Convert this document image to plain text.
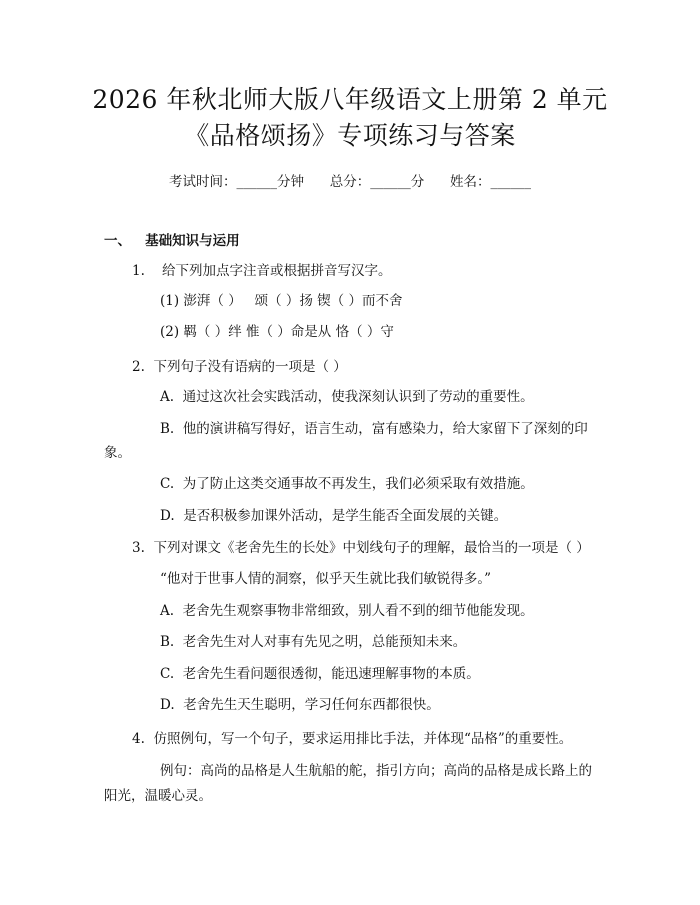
2026 年秋北师大版八年级语文上册第 2 单元
《品格颂扬》专项练习与答案
考试时间：______分钟      总分：______分      姓名：______
一、   基础知识与运用
1.    给下列加点字注音或根据拼音写汉字。
(1) 澎湃（ ）   颂（ ）扬 锲（ ）而不舍
(2) 羁（ ）绊 惟（ ）命是从 恪（ ）守
2.  下列句子没有语病的一项是（ ）
A.  通过这次社会实践活动，使我深刻认识到了劳动的重要性。
B.  他的演讲稿写得好，语言生动，富有感染力，给大家留下了深刻的印
象。
C.  为了防止这类交通事故不再发生，我们必须采取有效措施。
D.  是否积极参加课外活动，是学生能否全面发展的关键。
3.  下列对课文《老舍先生的长处》中划线句子的理解，最恰当的一项是（ ）
“他对于世事人情的洞察，似乎天生就比我们敏锐得多。”
A.  老舍先生观察事物非常细致，别人看不到的细节他能发现。
B.  老舍先生对人对事有先见之明，总能预知未来。
C.  老舍先生看问题很透彻，能迅速理解事物的本质。
D.  老舍先生天生聪明，学习任何东西都很快。
4.  仿照例句，写一个句子，要求运用排比手法，并体现“品格”的重要性。
例句：高尚的品格是人生航船的舵，指引方向；高尚的品格是成长路上的
阳光，温暖心灵。
